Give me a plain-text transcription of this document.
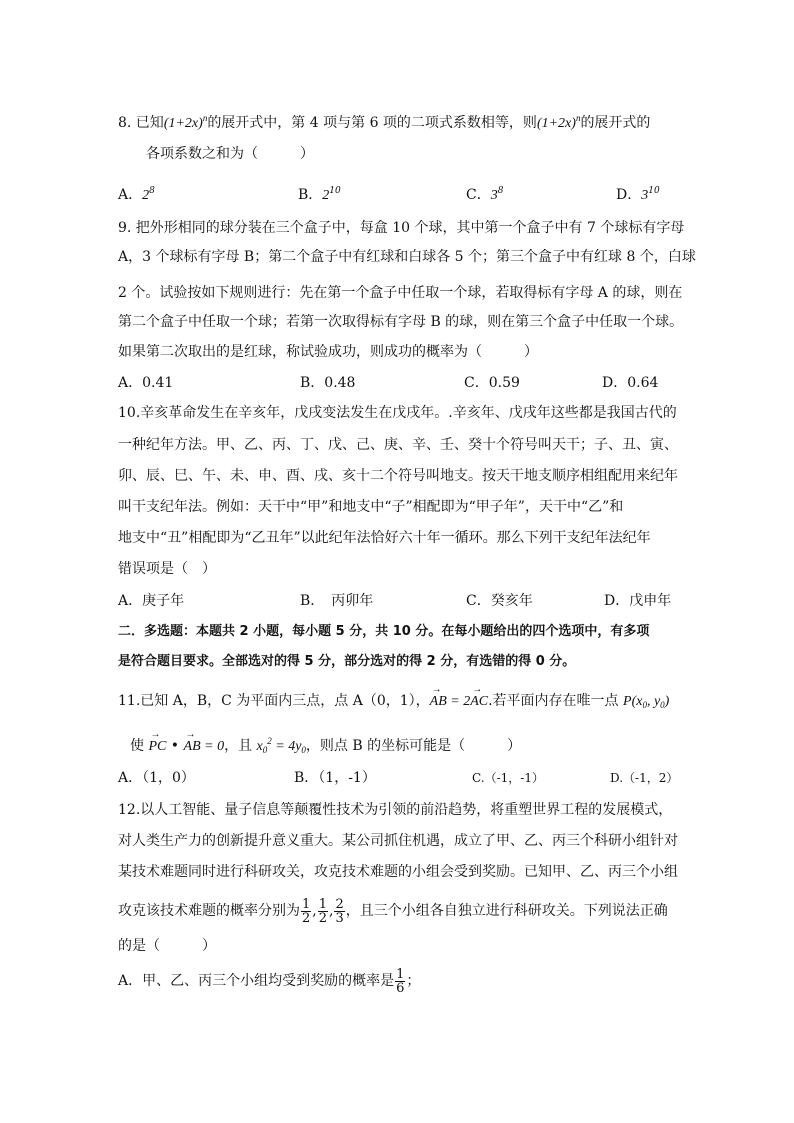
8. 已知$(1+2x)^n$的展开式中，第 4 项与第 6 项的二项式系数相等，则$(1+2x)^n$的展开式的
各项系数之和为（　　　）
A．$2^8$	B．$2^{10}$	C．$3^8$	D．$3^{10}$
9. 把外形相同的球分装在三个盒子中，每盒 10 个球，其中第一个盒子中有 7 个球标有字母
A，3 个球标有字母 B；第二个盒子中有红球和白球各 5 个；第三个盒子中有红球 8 个，白球
2 个。试验按如下规则进行：先在第一个盒子中任取一个球，若取得标有字母 A 的球，则在
第二个盒子中任取一个球；若第一次取得标有字母 B 的球，则在第三个盒子中任取一个球。
如果第二次取出的是红球，称试验成功，则成功的概率为（　　　）
A．0.41	B．0.48	C．0.59	D．0.64
10.辛亥革命发生在辛亥年，戊戌变法发生在戊戌年。.辛亥年、戊戌年这些都是我国古代的
一种纪年方法。甲、乙、丙、丁、戊、己、庚、辛、壬、癸十个符号叫天干；子、丑、寅、
卯、辰、巳、午、未、申、酉、戌、亥十二个符号叫地支。按天干地支顺序相组配用来纪年
叫干支纪年法。例如：天干中“甲”和地支中“子”相配即为“甲子年”，天干中“乙”和
地支中“丑”相配即为“乙丑年”以此纪年法恰好六十年一循环。那么下列干支纪年法纪年
错误项是（　）
A．庚子年	B．　丙卯年	C．癸亥年	D．戊申年
二．多选题：本题共 2 小题，每小题 5 分，共 10 分。在每小题给出的四个选项中，有多项
是符合题目要求。全部选对的得 5 分，部分选对的得 2 分，有选错的得 0 分。
11.已知 A，B，C 为平面内三点，点 A（0，1），→ AB = 2→ AC.若平面内存在唯一点 $P(x_0$, $y_0$)
使 → PC • → AB = 0，且 $x_0^2 = 4y_0$，则点 B 的坐标可能是（　　　）
A．（1，0）	B．（1，-1）	C.（-1，-1）	D.（-1，2）
12.以人工智能、量子信息等颠覆性技术为引领的前沿趋势，将重塑世界工程的发展模式，
对人类生产力的创新提升意义重大。某公司抓住机遇，成立了甲、乙、丙三个科研小组针对
某技术难题同时进行科研攻关，攻克技术难题的小组会受到奖励。已知甲、乙、丙三个小组
攻克该技术难题的概率分别为 $\frac{1}{2}$ , $\frac{1}{2}$ , $\frac{2}{3}$ ，且三个小组各自独立进行科研攻关。下列说法正确
的是（　　　）
A．甲、乙、丙三个小组均受到奖励的概率是 $\frac{1}{6}$ ；
